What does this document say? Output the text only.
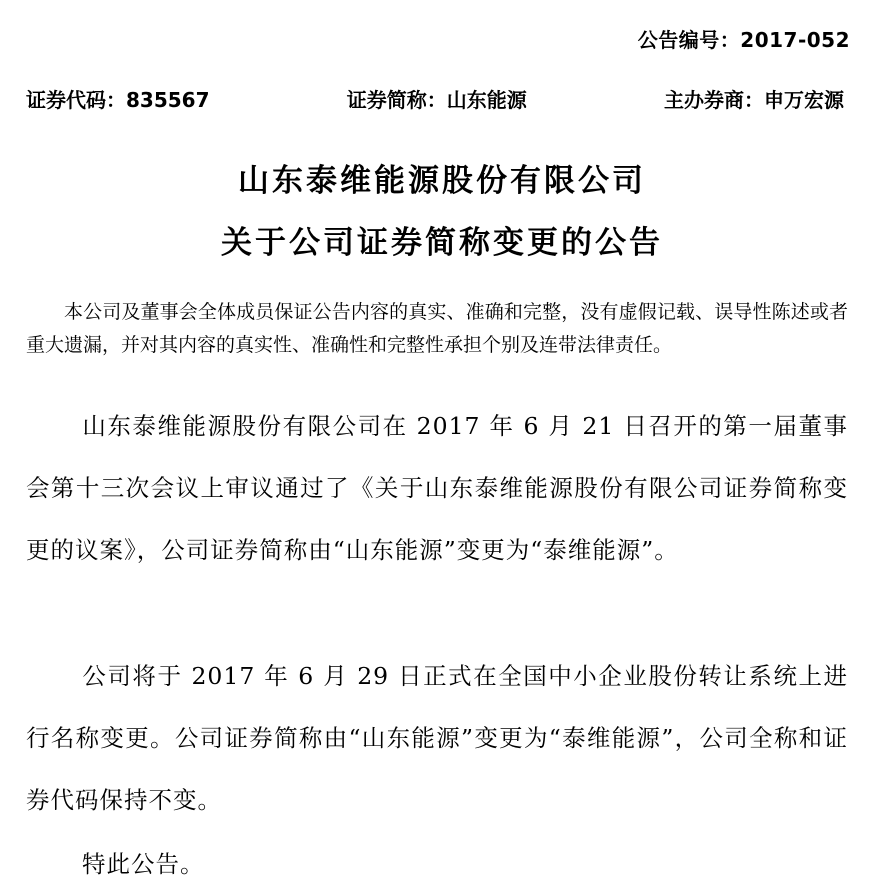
公告编号：2017-052
证券代码：835567	证券简称：山东能源	主办券商：申万宏源
山东泰维能源股份有限公司
关于公司证券简称变更的公告
本公司及董事会全体成员保证公告内容的真实、准确和完整，没有虚假记载、误导性陈述或者重大遗漏，并对其内容的真实性、准确性和完整性承担个别及连带法律责任。
山东泰维能源股份有限公司在 2017 年 6 月 21 日召开的第一届董事会第十三次会议上审议通过了《关于山东泰维能源股份有限公司证券简称变更的议案》，公司证券简称由“山东能源”变更为“泰维能源”。
公司将于 2017 年 6 月 29 日正式在全国中小企业股份转让系统上进行名称变更。公司证券简称由“山东能源”变更为“泰维能源”，公司全称和证券代码保持不变。
特此公告。
